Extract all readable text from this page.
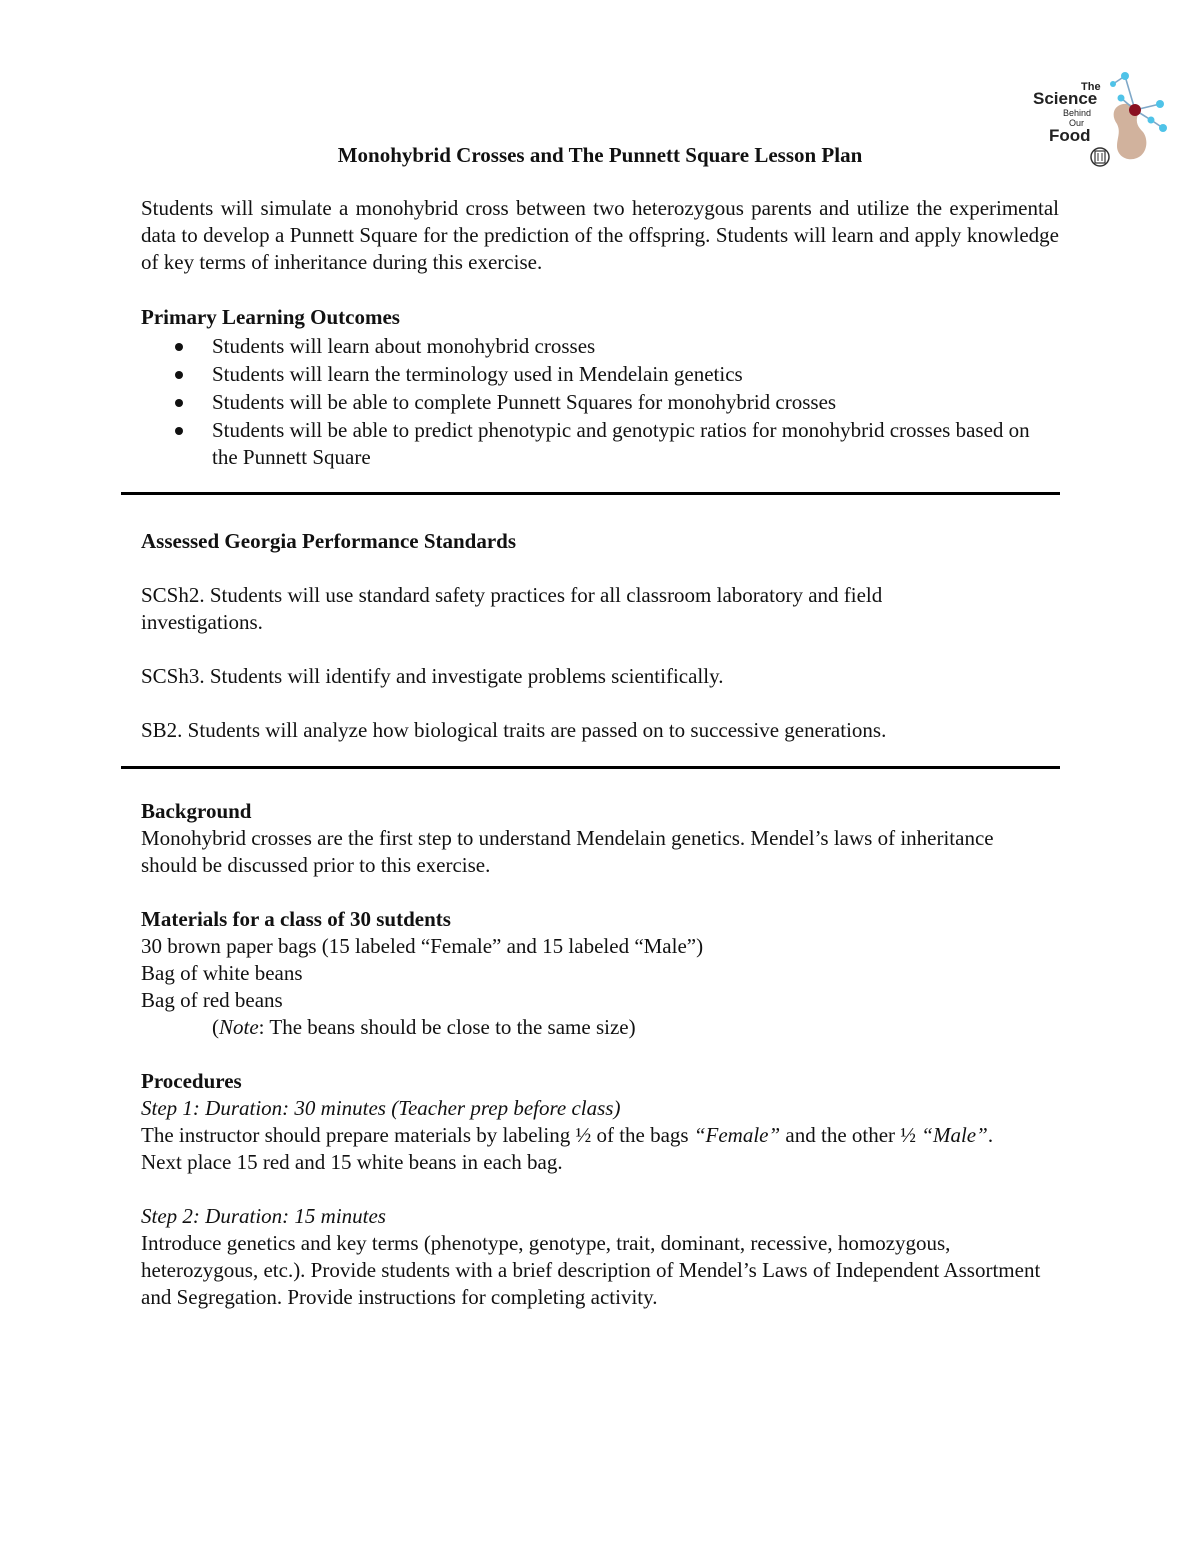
The
Science
Behind
Our
Food
Monohybrid Crosses and The Punnett Square Lesson Plan
Students will simulate a monohybrid cross between two heterozygous parents and utilize the experimental data to develop a Punnett Square for the prediction of the offspring. Students will learn and apply knowledge of key terms of inheritance during this exercise.
Primary Learning Outcomes
Students will learn about monohybrid crosses
Students will learn the terminology used in Mendelain genetics
Students will be able to complete Punnett Squares for monohybrid crosses
Students will be able to predict phenotypic and genotypic ratios for monohybrid crosses based on the Punnett Square
Assessed Georgia Performance Standards

SCSh2. Students will use standard safety practices for all classroom laboratory and field investigations.

SCSh3. Students will identify and investigate problems scientifically.

SB2. Students will analyze how biological traits are passed on to successive generations.

Background

Monohybrid crosses are the first step to understand Mendelain genetics. Mendel’s laws of inheritance should be discussed prior to this exercise.

Materials for a class of 30 sutdents

30 brown paper bags (15 labeled “Female” and 15 labeled “Male”)

Bag of white beans

Bag of red beans

(Note: The beans should be close to the same size)

Procedures

Step 1: Duration: 30 minutes (Teacher prep before class)

The instructor should prepare materials by labeling ½ of the bags “Female” and the other ½ “Male”. Next place 15 red and 15 white beans in each bag.

Step 2: Duration: 15 minutes

Introduce genetics and key terms (phenotype, genotype, trait, dominant, recessive, homozygous, heterozygous, etc.). Provide students with a brief description of Mendel’s Laws of Independent Assortment and Segregation. Provide instructions for completing activity.
